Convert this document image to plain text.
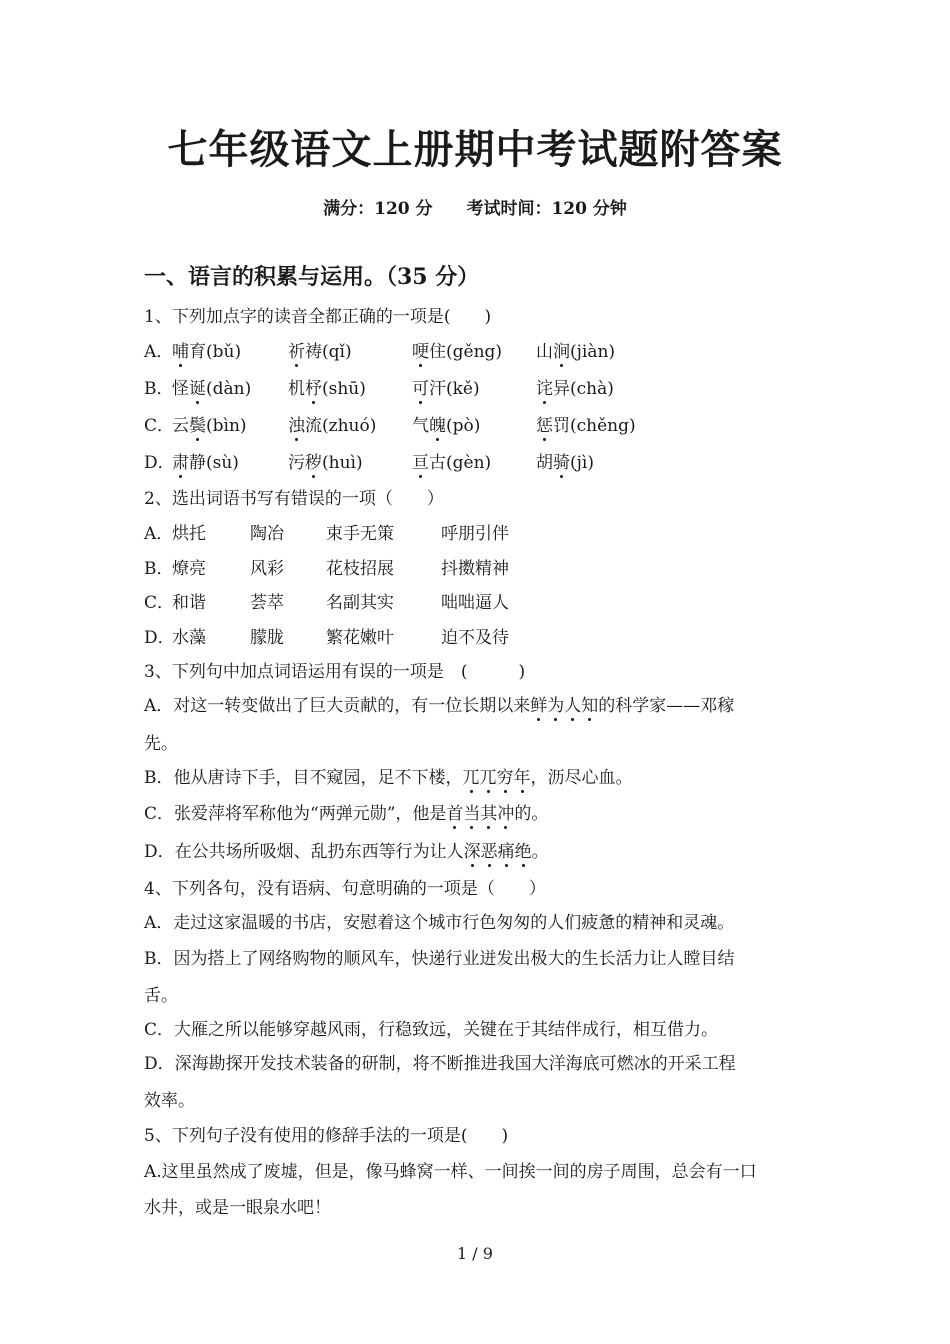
七年级语文上册期中考试题附答案
满分：120 分 考试时间：120 分钟
一、语言的积累与运用。（35 分）
1、下列加点字的读音全都正确的一项是(　　)
A．
哺育(bǔ)	祈祷(qǐ)	哽住(gěng) 山涧(jiàn)
B．
怪诞(dàn) 机杼(shū)	可汗(kě)	诧异(chà)
C．
云鬓(bìn) 浊流(zhuó) 气魄(pò)	惩罚(chěng)
D．
肃静(sù)	污秽(huì)	亘古(gèn)	胡骑(jì)
2、选出词语书写有错误的一项（　　）
A．
烘托	陶冶 束手无策	呼朋引伴
B．
燎亮	风彩 花枝招展	抖擞精神
C．
和谐	荟萃 名副其实	咄咄逼人
D．
水藻	朦胧 繁花嫩叶	迫不及待
3、下列句中加点词语运用有误的一项是　(　　　)
A．对这一转变做出了巨大贡献的，有一位长期以来鲜为人知的科学家——邓稼
先。
B．他从唐诗下手，目不窥园，足不下楼，兀兀穷年，沥尽心血。
C．张爱萍将军称他为“两弹元勋”，他是首当其冲的。
D．在公共场所吸烟、乱扔东西等行为让人深恶痛绝。
4、下列各句，没有语病、句意明确的一项是（　　）
A．走过这家温暖的书店，安慰着这个城市行色匆匆的人们疲惫的精神和灵魂。
B．因为搭上了网络购物的顺风车，快递行业迸发出极大的生长活力让人瞠目结
舌。
C．大雁之所以能够穿越风雨，行稳致远，关键在于其结伴成行，相互借力。
D．深海勘探开发技术装备的研制，将不断推进我国大洋海底可燃冰的开采工程
效率。
5、下列句子没有使用的修辞手法的一项是(　　)
A.这里虽然成了废墟，但是，像马蜂窝一样、一间挨一间的房子周围，总会有一口
水井，或是一眼泉水吧！
1 / 9
